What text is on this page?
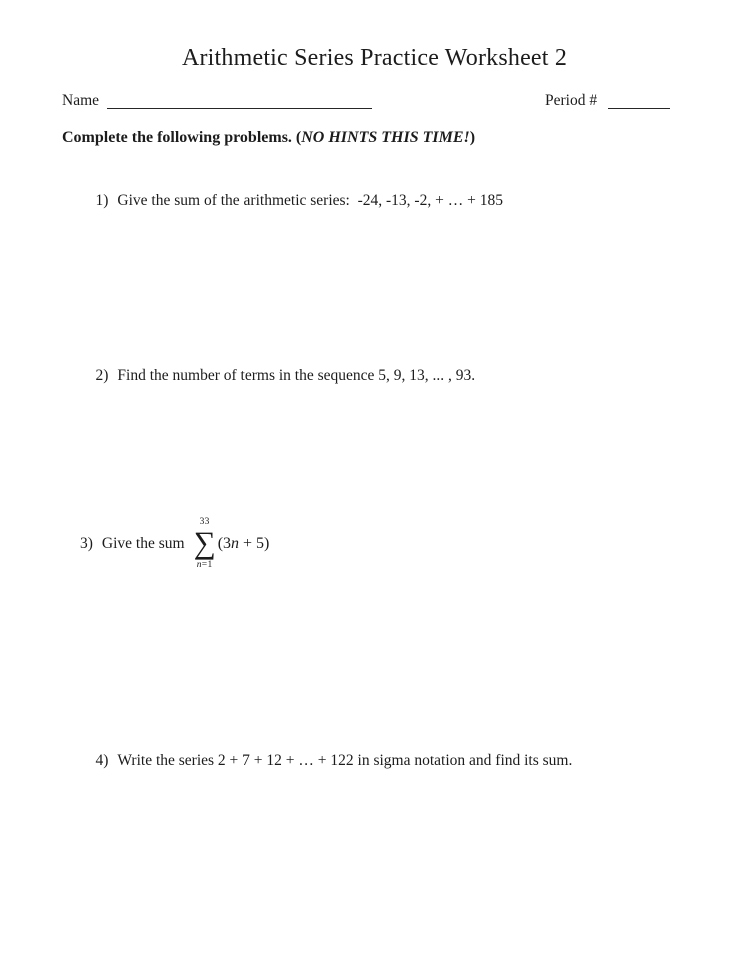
Arithmetic Series Practice Worksheet 2
Name	Period #

Complete the following problems. (NO HINTS THIS TIME!)

1) Give the sum of the arithmetic series:  -24, -13, -2, + … + 185

2) Find the number of terms in the sequence 5, 9, 13, ... , 93.

3) Give the sum
33
∑
n=1
(3n + 5)

4) Write the series 2 + 7 + 12 + … + 122 in sigma notation and find its sum.
